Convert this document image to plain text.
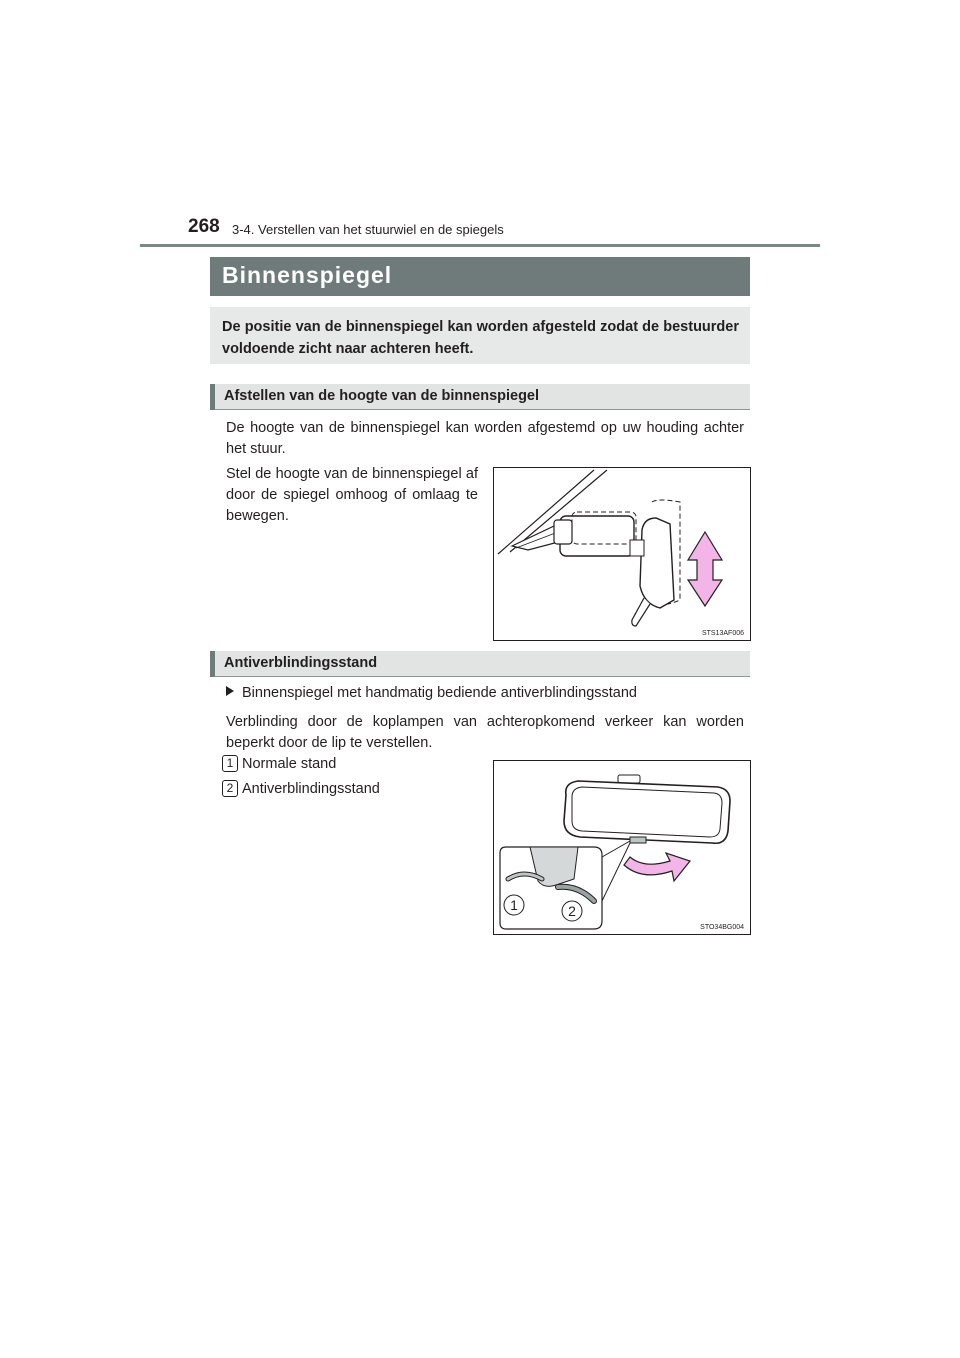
268 3-4. Verstellen van het stuurwiel en de spiegels
Binnenspiegel
De positie van de binnenspiegel kan worden afgesteld zodat de bestuurder voldoende zicht naar achteren heeft.
Afstellen van de hoogte van de binnenspiegel
De hoogte van de binnenspiegel kan worden afgestemd op uw houding achter het stuur.
Stel de hoogte van de binnenspiegel af door de spiegel omhoog of omlaag te bewegen.
STS13AF006
Antiverblindingsstand
Binnenspiegel met handmatig bediende antiverblindingsstand
Verblinding door de koplampen van achteropkomend verkeer kan worden beperkt door de lip te verstellen.
1 Normale stand
2 Antiverblindingsstand
1	2
STO34BG004
